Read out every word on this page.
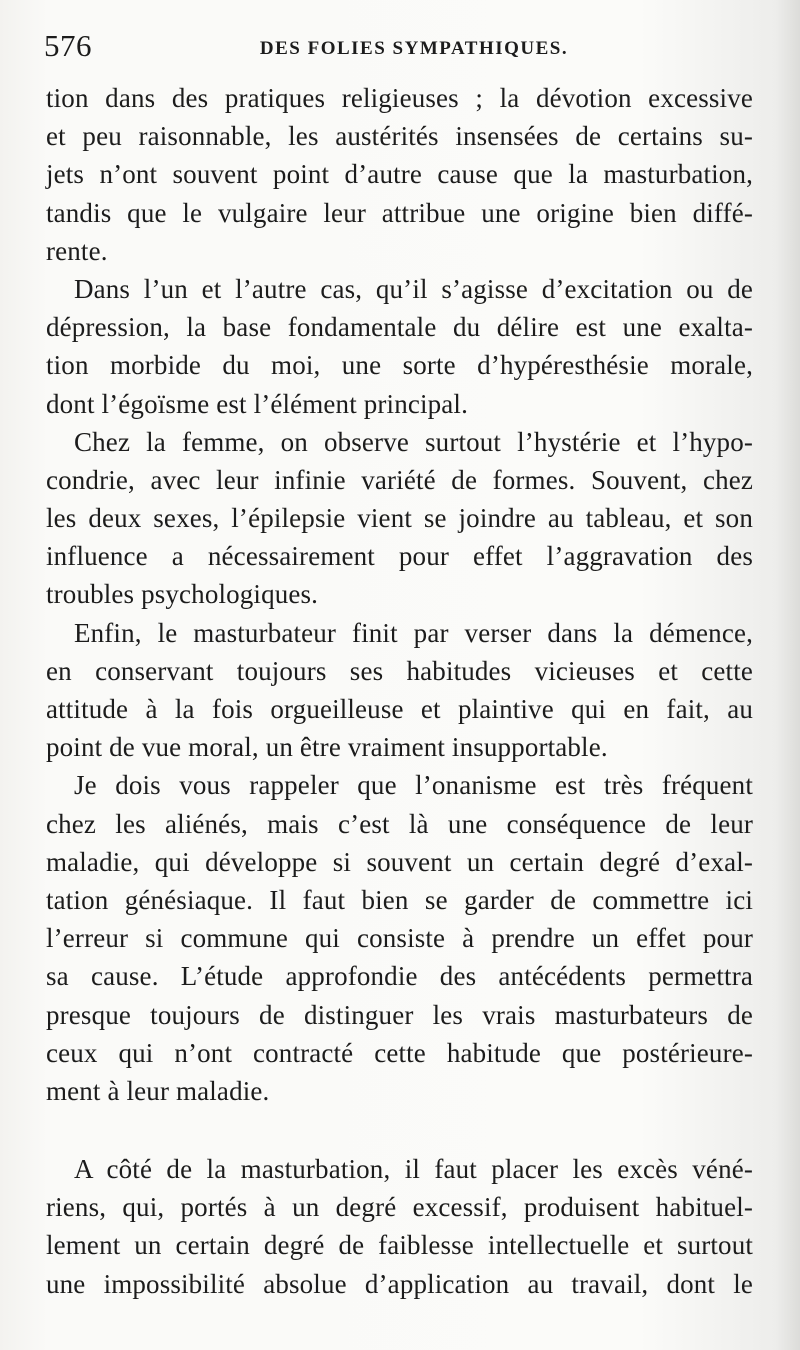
576	DES FOLIES SYMPATHIQUES.
tion dans des pratiques religieuses ; la dévotion excessive
et peu raisonnable, les austérités insensées de certains su-
jets n’ont souvent point d’autre cause que la masturbation,
tandis que le vulgaire leur attribue une origine bien diffé-
rente.
Dans l’un et l’autre cas, qu’il s’agisse d’excitation ou de
dépression, la base fondamentale du délire est une exalta-
tion morbide du moi, une sorte d’hypéresthésie morale,
dont l’égoïsme est l’élément principal.
Chez la femme, on observe surtout l’hystérie et l’hypo-
condrie, avec leur infinie variété de formes. Souvent, chez
les deux sexes, l’épilepsie vient se joindre au tableau, et son
influence a nécessairement pour effet l’aggravation des
troubles psychologiques.
Enfin, le masturbateur finit par verser dans la démence,
en conservant toujours ses habitudes vicieuses et cette
attitude à la fois orgueilleuse et plaintive qui en fait, au
point de vue moral, un être vraiment insupportable.
Je dois vous rappeler que l’onanisme est très fréquent
chez les aliénés, mais c’est là une conséquence de leur
maladie, qui développe si souvent un certain degré d’exal-
tation génésiaque. Il faut bien se garder de commettre ici
l’erreur si commune qui consiste à prendre un effet pour
sa cause. L’étude approfondie des antécédents permettra
presque toujours de distinguer les vrais masturbateurs de
ceux qui n’ont contracté cette habitude que postérieure-
ment à leur maladie.
A côté de la masturbation, il faut placer les excès véné-
riens, qui, portés à un degré excessif, produisent habituel-
lement un certain degré de faiblesse intellectuelle et surtout
une impossibilité absolue d’application au travail, dont le
